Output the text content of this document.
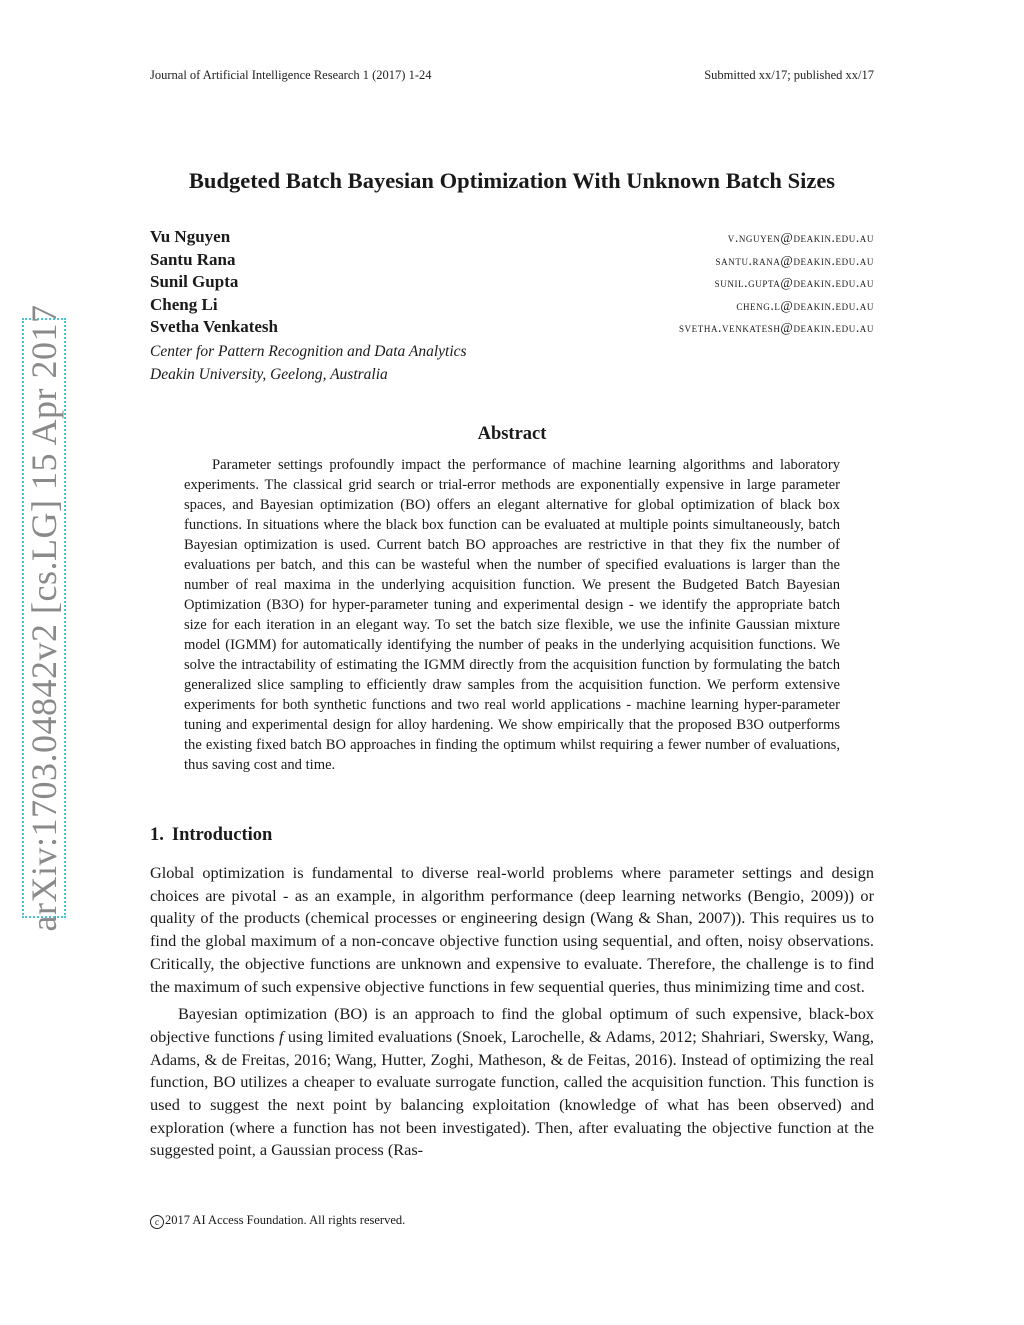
Journal of Artificial Intelligence Research 1 (2017) 1-24	Submitted xx/17; published xx/17
arXiv:1703.04842v2 [cs.LG] 15 Apr 2017
Budgeted Batch Bayesian Optimization With Unknown Batch Sizes
Vu Nguyen	v.nguyen@deakin.edu.au
Santu Rana	santu.rana@deakin.edu.au
Sunil Gupta	sunil.gupta@deakin.edu.au
Cheng Li	cheng.l@deakin.edu.au
Svetha Venkatesh	svetha.venkatesh@deakin.edu.au
Center for Pattern Recognition and Data Analytics
Deakin University, Geelong, Australia
Abstract

Parameter settings profoundly impact the performance of machine learning algorithms and laboratory experiments. The classical grid search or trial-error methods are exponentially expensive in large parameter spaces, and Bayesian optimization (BO) offers an elegant alternative for global optimization of black box functions. In situations where the black box function can be evaluated at multiple points simultaneously, batch Bayesian optimization is used. Current batch BO approaches are restrictive in that they fix the number of evaluations per batch, and this can be wasteful when the number of specified evaluations is larger than the number of real maxima in the underlying acquisition function. We present the Budgeted Batch Bayesian Optimization (B3O) for hyper-parameter tuning and experimental design - we identify the appropriate batch size for each iteration in an elegant way. To set the batch size flexible, we use the infinite Gaussian mixture model (IGMM) for automatically identifying the number of peaks in the underlying acquisition functions. We solve the intractability of estimating the IGMM directly from the acquisition function by formulating the batch generalized slice sampling to efficiently draw samples from the acquisition function. We perform extensive experiments for both synthetic functions and two real world applications - machine learning hyper-parameter tuning and experimental design for alloy hardening. We show empirically that the proposed B3O outperforms the existing fixed batch BO approaches in finding the optimum whilst requiring a fewer number of evaluations, thus saving cost and time.

1. Introduction

Global optimization is fundamental to diverse real-world problems where parameter settings and design choices are pivotal - as an example, in algorithm performance (deep learning networks (Bengio, 2009)) or quality of the products (chemical processes or engineering design (Wang & Shan, 2007)). This requires us to find the global maximum of a non-concave objective function using sequential, and often, noisy observations. Critically, the objective functions are unknown and expensive to evaluate. Therefore, the challenge is to find the maximum of such expensive objective functions in few sequential queries, thus minimizing time and cost.

Bayesian optimization (BO) is an approach to find the global optimum of such expensive, black-box objective functions f using limited evaluations (Snoek, Larochelle, & Adams, 2012; Shahriari, Swersky, Wang, Adams, & de Freitas, 2016; Wang, Hutter, Zoghi, Matheson, & de Feitas, 2016). Instead of optimizing the real function, BO utilizes a cheaper to evaluate surrogate function, called the acquisition function. This function is used to suggest the next point by balancing exploitation (knowledge of what has been observed) and exploration (where a function has not been investigated). Then, after evaluating the objective function at the suggested point, a Gaussian process (Ras-

c 2017 AI Access Foundation. All rights reserved.
